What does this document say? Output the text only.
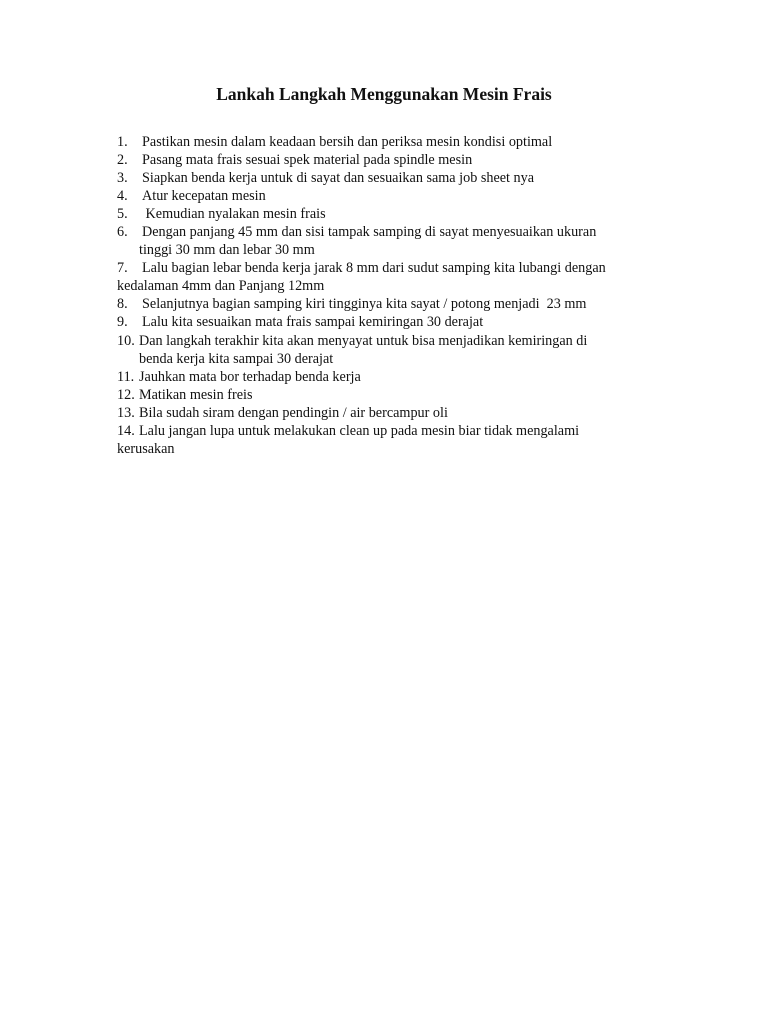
Lankah Langkah Menggunakan Mesin Frais
1. Pastikan mesin dalam keadaan bersih dan periksa mesin kondisi optimal
2. Pasang mata frais sesuai spek material pada spindle mesin
3. Siapkan benda kerja untuk di sayat dan sesuaikan sama job sheet nya
4. Atur kecepatan mesin
5. Kemudian nyalakan mesin frais
6. Dengan panjang 45 mm dan sisi tampak samping di sayat menyesuaikan ukuran
tinggi 30 mm dan lebar 30 mm
7. Lalu bagian lebar benda kerja jarak 8 mm dari sudut samping kita lubangi dengan
kedalaman 4mm dan Panjang 12mm
8. Selanjutnya bagian samping kiri tingginya kita sayat / potong menjadi  23 mm
9. Lalu kita sesuaikan mata frais sampai kemiringan 30 derajat
10. Dan langkah terakhir kita akan menyayat untuk bisa menjadikan kemiringan di
benda kerja kita sampai 30 derajat
11. Jauhkan mata bor terhadap benda kerja
12. Matikan mesin freis
13. Bila sudah siram dengan pendingin / air bercampur oli
14. Lalu jangan lupa untuk melakukan clean up pada mesin biar tidak mengalami
kerusakan
